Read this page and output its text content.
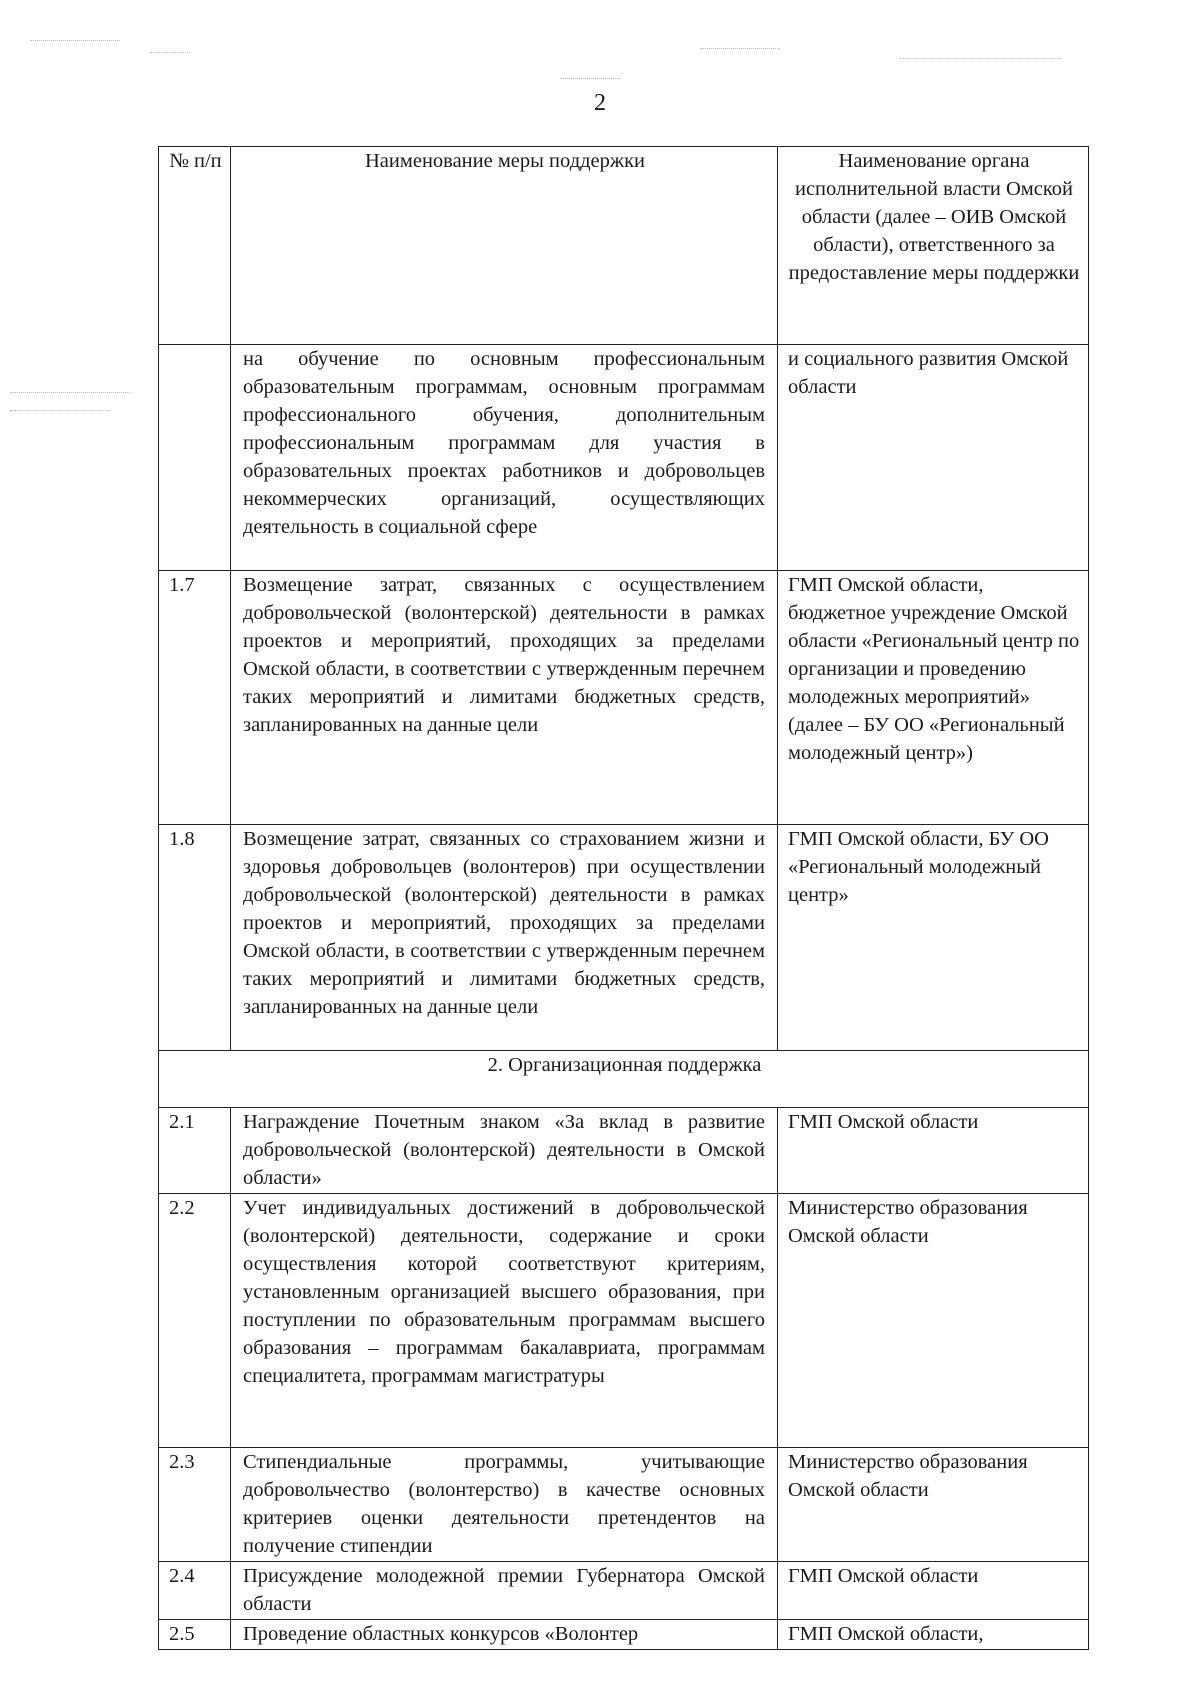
2
№ п/п	Наименование меры поддержки	Наименование органа исполнительной власти Омской области (далее – ОИВ Омской области), ответственного за предоставление меры поддержки
	на обучение по основным профессиональным образовательным программам, основным программам профессионального обучения, дополнительным профессиональным программам для участия в образовательных проектах работников и добровольцев некоммерческих организаций, осуществляющих деятельность в социальной сфере	и социального развития Омской области
1.7	Возмещение затрат, связанных с осуществлением добровольческой (волонтерской) деятельности в рамках проектов и мероприятий, проходящих за пределами Омской области, в соответствии с утвержденным перечнем таких мероприятий и лимитами бюджетных средств, запланированных на данные цели	ГМП Омской области, бюджетное учреждение Омской области «Региональный центр по организации и проведению молодежных мероприятий» (далее – БУ ОО «Региональный молодежный центр»)
1.8	Возмещение затрат, связанных со страхованием жизни и здоровья добровольцев (волонтеров) при осуществлении добровольческой (волонтерской) деятельности в рамках проектов и мероприятий, проходящих за пределами Омской области, в соответствии с утвержденным перечнем таких мероприятий и лимитами бюджетных средств, запланированных на данные цели	ГМП Омской области, БУ ОО «Региональный молодежный центр»
2. Организационная поддержка		
2.1	Награждение Почетным знаком «За вклад в развитие добровольческой (волонтерской) деятельности в Омской области»	ГМП Омской области
2.2	Учет индивидуальных достижений в добровольческой (волонтерской) деятельности, содержание и сроки осуществления которой соответствуют критериям, установленным организацией высшего образования, при поступлении по образовательным программам высшего образования – программам бакалавриата, программам специалитета, программам магистратуры	Министерство образования Омской области
2.3	Стипендиальные программы, учитывающие добровольчество (волонтерство) в качестве основных критериев оценки деятельности претендентов на получение стипендии	Министерство образования Омской области
2.4	Присуждение молодежной премии Губернатора Омской области	ГМП Омской области
2.5	Проведение областных конкурсов «Волонтер	ГМП Омской области,
